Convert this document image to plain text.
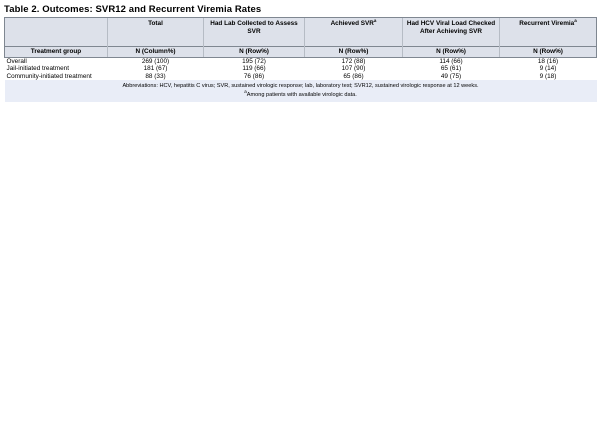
Table 2. Outcomes: SVR12 and Recurrent Viremia Rates
	Total	Had Lab Collected to Assess SVR	Achieved SVR$^a$	Had HCV Viral Load Checked After Achieving SVR	Recurrent Viremia$^a$
Treatment group	N (Column%)	N (Row%)	N (Row%)	N (Row%)	N (Row%)
Overall	269 (100)	195 (72)	172 (88)	114 (66)	18 (16)
Jail-initiated treatment	181 (67)	119 (66)	107 (90)	65 (61)	9 (14)
Community-initiated treatment	88 (33)	76 (86)	65 (86)	49 (75)	9 (18)

Abbreviations: HCV, hepatitis C virus; SVR, sustained virologic response; lab, laboratory test; SVR12, sustained virologic response at 12 weeks.

$^a$Among patients with available virologic data.					
